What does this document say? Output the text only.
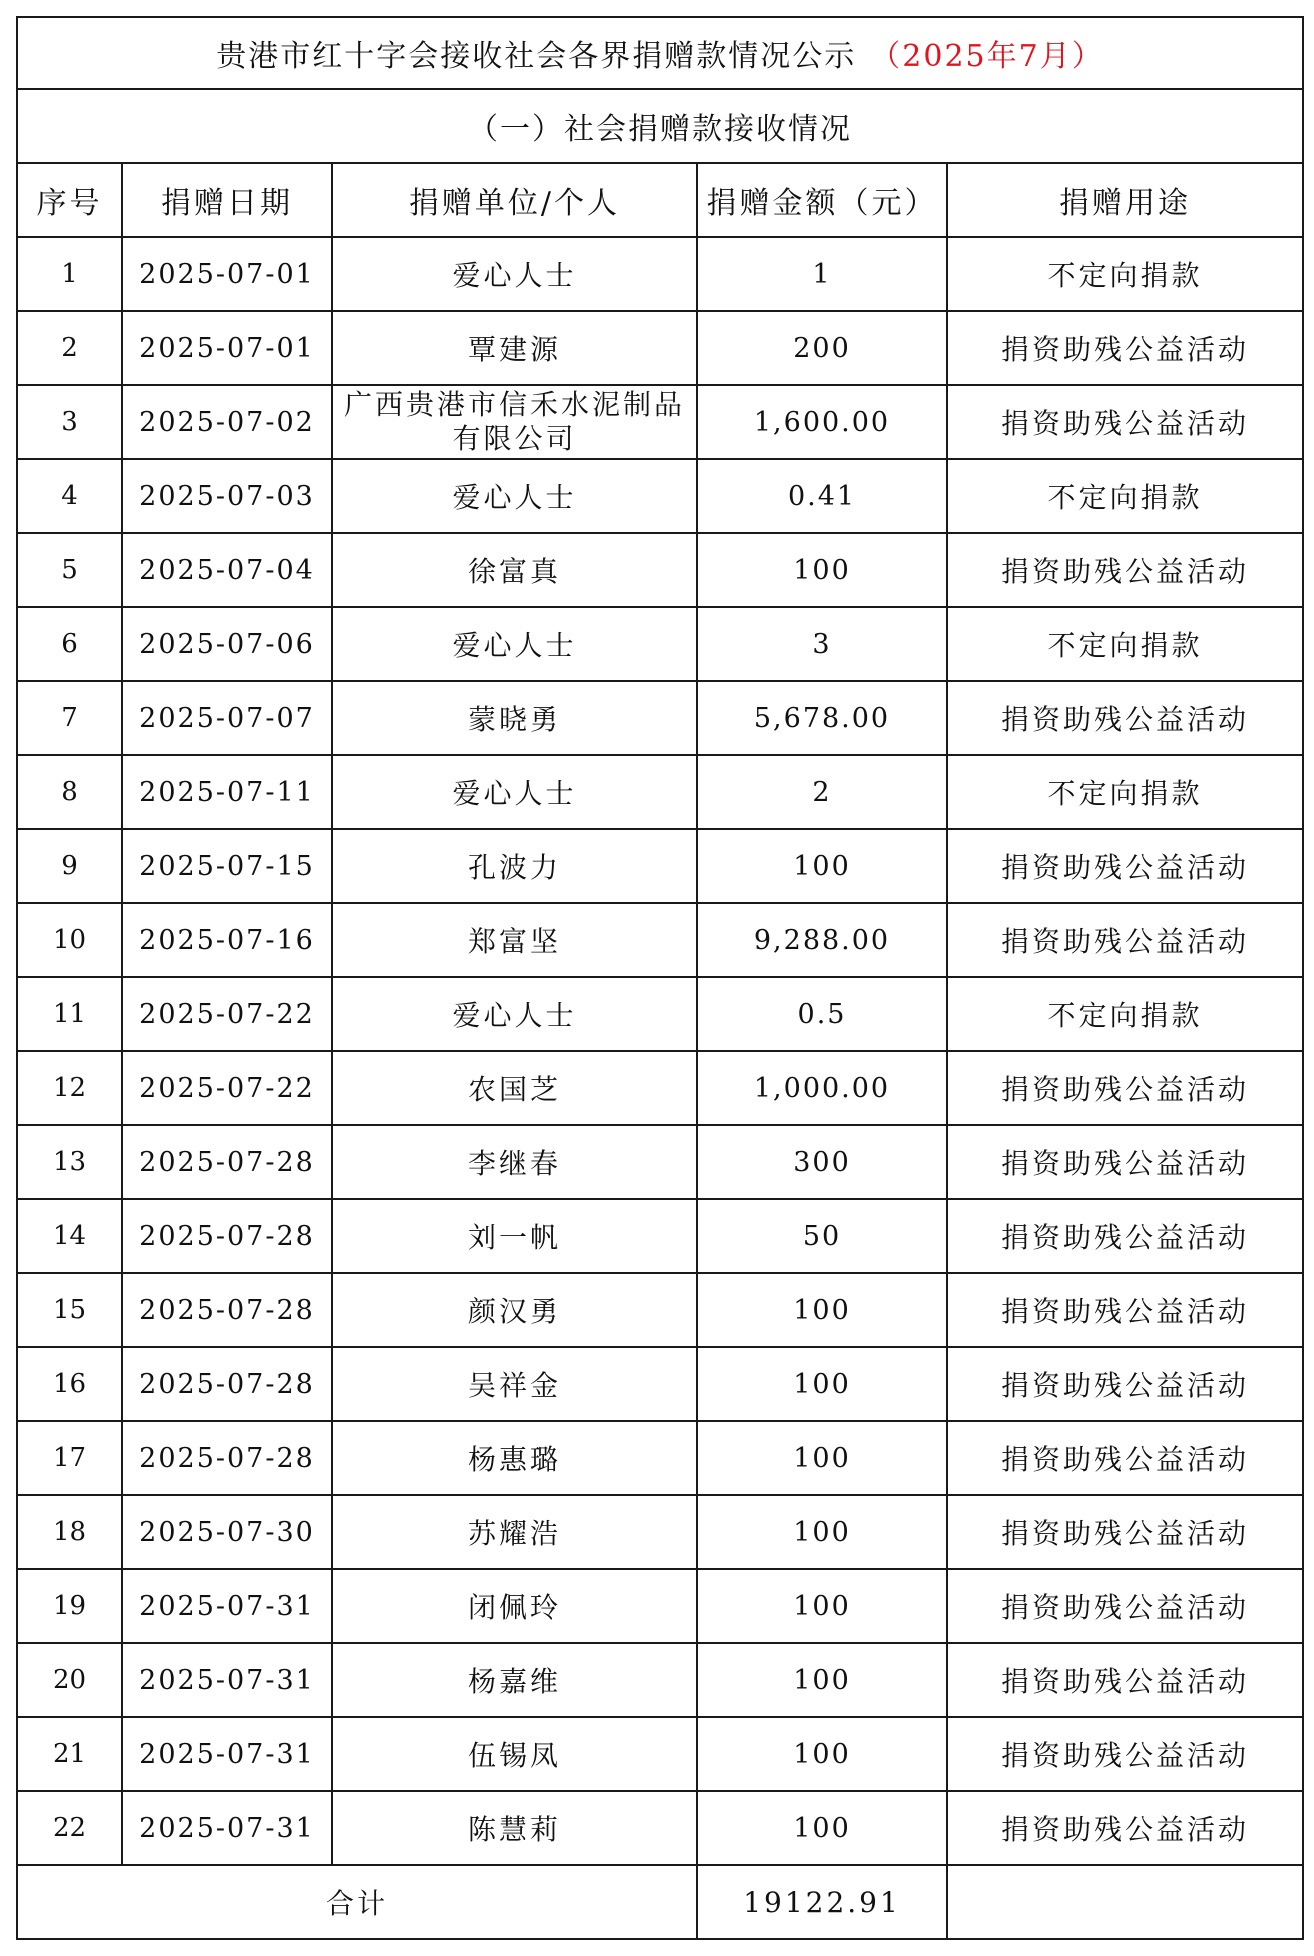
贵港市红十字会接收社会各界捐赠款情况公示 （2025年7月）				
（一）社会捐赠款接收情况				
序号	捐赠日期	捐赠单位/个人	捐赠金额（元）	捐赠用途
1	2025-07-01	爱心人士	1	不定向捐款
2	2025-07-01	覃建源	200	捐资助残公益活动
3	2025-07-02	广西贵港市信禾水泥制品有限公司	1,600.00	捐资助残公益活动
4	2025-07-03	爱心人士	0.41	不定向捐款
5	2025-07-04	徐富真	100	捐资助残公益活动
6	2025-07-06	爱心人士	3	不定向捐款
7	2025-07-07	蒙晓勇	5,678.00	捐资助残公益活动
8	2025-07-11	爱心人士	2	不定向捐款
9	2025-07-15	孔波力	100	捐资助残公益活动
10	2025-07-16	郑富坚	9,288.00	捐资助残公益活动
11	2025-07-22	爱心人士	0.5	不定向捐款
12	2025-07-22	农国芝	1,000.00	捐资助残公益活动
13	2025-07-28	李继春	300	捐资助残公益活动
14	2025-07-28	刘一帆	50	捐资助残公益活动
15	2025-07-28	颜汉勇	100	捐资助残公益活动
16	2025-07-28	吴祥金	100	捐资助残公益活动
17	2025-07-28	杨惠璐	100	捐资助残公益活动
18	2025-07-30	苏耀浩	100	捐资助残公益活动
19	2025-07-31	闭佩玲	100	捐资助残公益活动
20	2025-07-31	杨嘉维	100	捐资助残公益活动
21	2025-07-31	伍锡凤	100	捐资助残公益活动
22	2025-07-31	陈慧莉	100	捐资助残公益活动
合计			19122.91	
